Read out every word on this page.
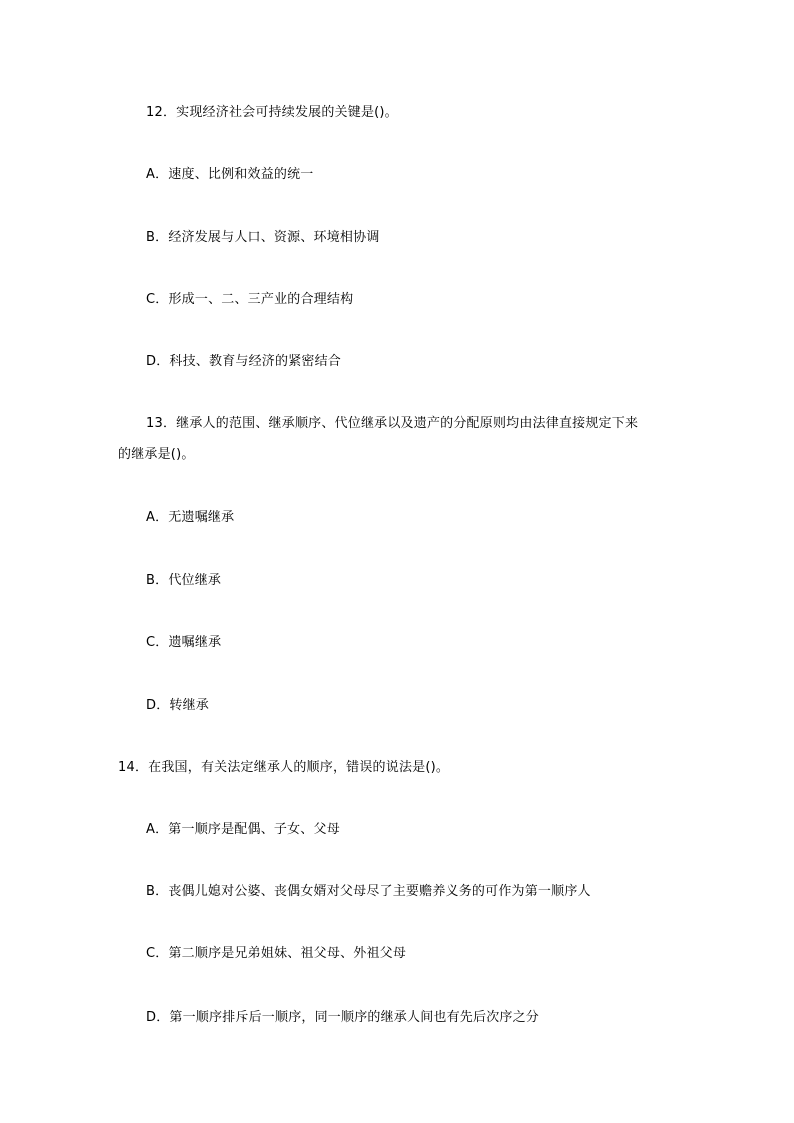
12．实现经济社会可持续发展的关键是()。
A．速度、比例和效益的统一
B．经济发展与人口、资源、环境相协调
C．形成一、二、三产业的合理结构
D．科技、教育与经济的紧密结合
13．继承人的范围、继承顺序、代位继承以及遗产的分配原则均由法律直接规定下来
的继承是()。
A．无遗嘱继承
B．代位继承
C．遗嘱继承
D．转继承
14．在我国，有关法定继承人的顺序，错误的说法是()。
A．第一顺序是配偶、子女、父母
B．丧偶儿媳对公婆、丧偶女婿对父母尽了主要赡养义务的可作为第一顺序人
C．第二顺序是兄弟姐妹、祖父母、外祖父母
D．第一顺序排斥后一顺序，同一顺序的继承人间也有先后次序之分
